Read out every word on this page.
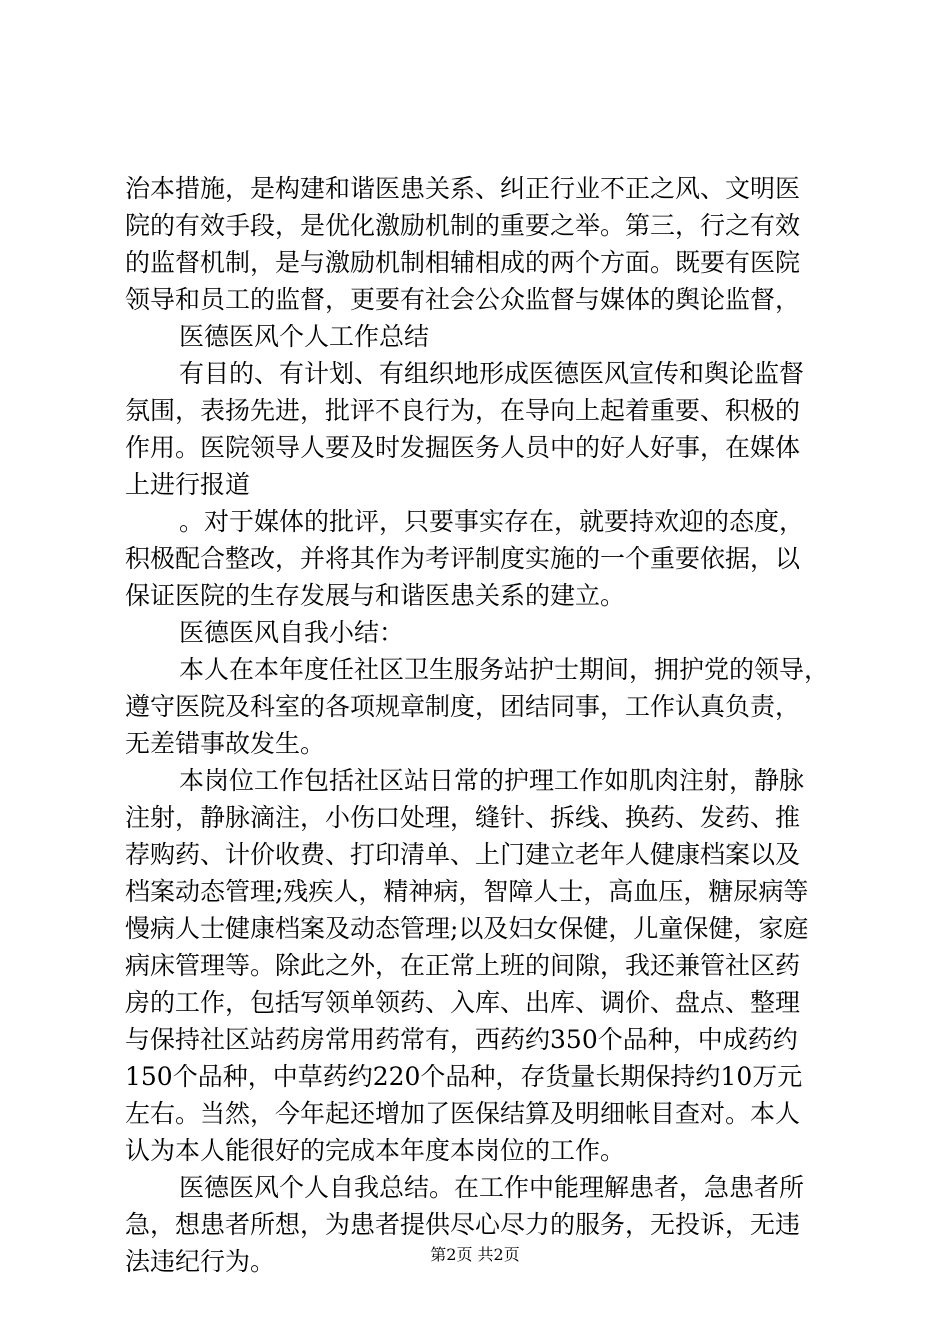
治本措施，是构建和谐医患关系、纠正行业不正之风、文明医
院的有效手段，是优化激励机制的重要之举。第三，行之有效
的监督机制，是与激励机制相辅相成的两个方面。既要有医院
领导和员工的监督，更要有社会公众监督与媒体的舆论监督，
医德医风个人工作总结
有目的、有计划、有组织地形成医德医风宣传和舆论监督
氛围，表扬先进，批评不良行为，在导向上起着重要、积极的
作用。医院领导人要及时发掘医务人员中的好人好事，在媒体
上进行报道
。对于媒体的批评，只要事实存在，就要持欢迎的态度，
积极配合整改，并将其作为考评制度实施的一个重要依据，以
保证医院的生存发展与和谐医患关系的建立。
医德医风自我小结：
本人在本年度任社区卫生服务站护士期间，拥护党的领导，
遵守医院及科室的各项规章制度，团结同事，工作认真负责，
无差错事故发生。
本岗位工作包括社区站日常的护理工作如肌肉注射，静脉
注射，静脉滴注，小伤口处理，缝针、拆线、换药、发药、推
荐购药、计价收费、打印清单、上门建立老年人健康档案以及
档案动态管理;残疾人，精神病，智障人士，高血压，糖尿病等
慢病人士健康档案及动态管理;以及妇女保健，儿童保健，家庭
病床管理等。除此之外，在正常上班的间隙，我还兼管社区药
房的工作，包括写领单领药、入库、出库、调价、盘点、整理
与保持社区站药房常用药常有，西药约350个品种，中成药约
150个品种，中草药约220个品种，存货量长期保持约10万元
左右。当然，今年起还增加了医保结算及明细帐目查对。本人
认为本人能很好的完成本年度本岗位的工作。
医德医风个人自我总结。在工作中能理解患者，急患者所
急，想患者所想，为患者提供尽心尽力的服务，无投诉，无违
法违纪行为。	第2页 共2页
